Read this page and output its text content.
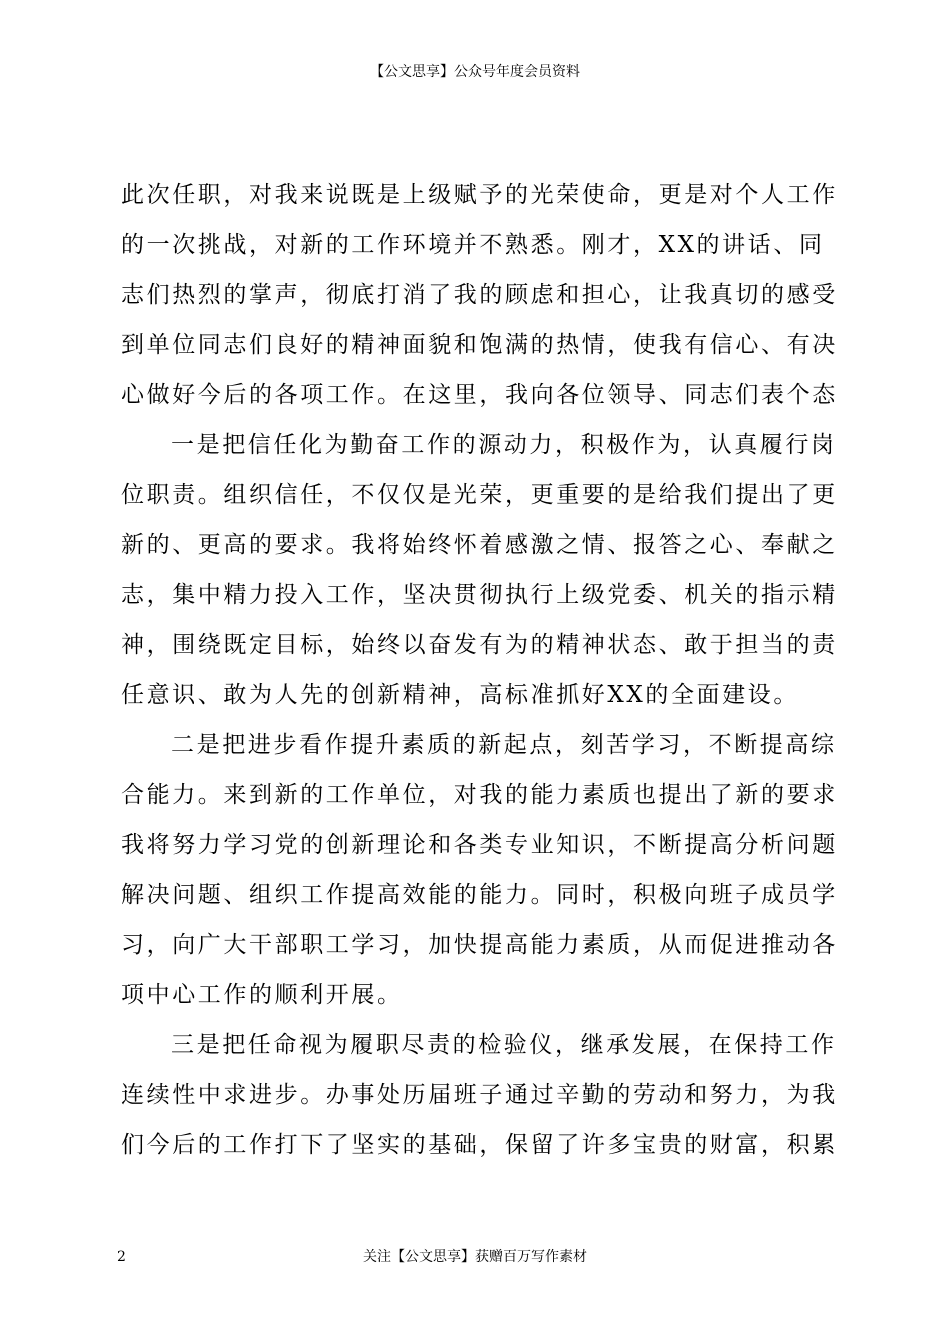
【公文思享】公众号年度会员资料
此次任职，对我来说既是上级赋予的光荣使命，更是对个人工作
的一次挑战，对新的工作环境并不熟悉。刚才，XX的讲话、同
志们热烈的掌声，彻底打消了我的顾虑和担心，让我真切的感受
到单位同志们良好的精神面貌和饱满的热情，使我有信心、有决
心做好今后的各项工作。在这里，我向各位领导、同志们表个态
一是把信任化为勤奋工作的源动力，积极作为，认真履行岗
位职责。组织信任，不仅仅是光荣，更重要的是给我们提出了更
新的、更高的要求。我将始终怀着感激之情、报答之心、奉献之
志，集中精力投入工作，坚决贯彻执行上级党委、机关的指示精
神，围绕既定目标，始终以奋发有为的精神状态、敢于担当的责
任意识、敢为人先的创新精神，高标准抓好XX的全面建设。
二是把进步看作提升素质的新起点，刻苦学习，不断提高综
合能力。来到新的工作单位，对我的能力素质也提出了新的要求
我将努力学习党的创新理论和各类专业知识，不断提高分析问题
解决问题、组织工作提高效能的能力。同时，积极向班子成员学
习，向广大干部职工学习，加快提高能力素质，从而促进推动各
项中心工作的顺利开展。
三是把任命视为履职尽责的检验仪，继承发展，在保持工作
连续性中求进步。办事处历届班子通过辛勤的劳动和努力，为我
们今后的工作打下了坚实的基础，保留了许多宝贵的财富，积累
2	关注【公文思享】获赠百万写作素材
